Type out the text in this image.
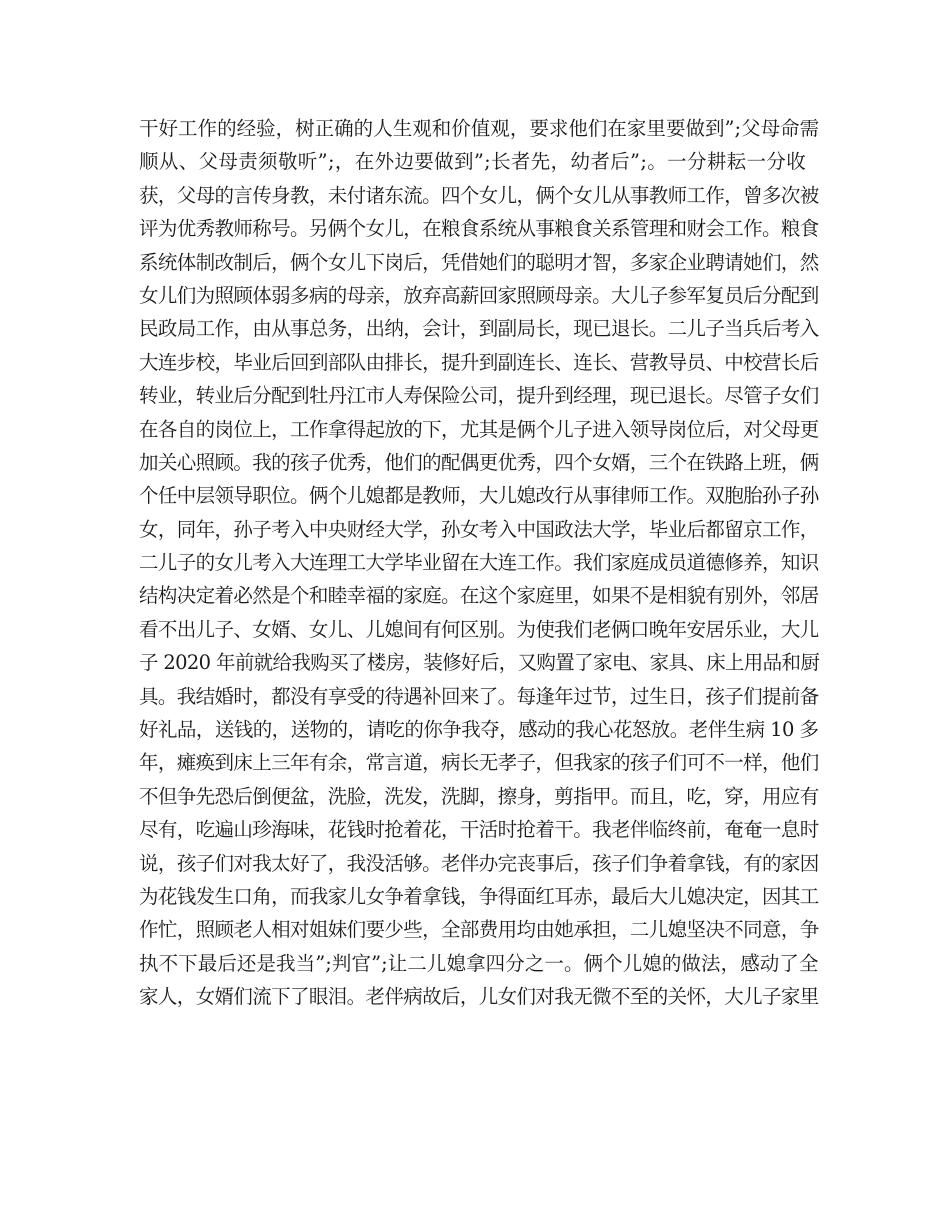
干好工作的经验，树正确的人生观和价值观，要求他们在家里要做到”;父母命需
顺从、父母责须敬听”;，在外边要做到”;长者先，幼者后”;。一分耕耘一分收
获，父母的言传身教，未付诸东流。四个女儿，俩个女儿从事教师工作，曾多次被
评为优秀教师称号。另俩个女儿，在粮食系统从事粮食关系管理和财会工作。粮食
系统体制改制后，俩个女儿下岗后，凭借她们的聪明才智，多家企业聘请她们，然
女儿们为照顾体弱多病的母亲，放弃高薪回家照顾母亲。大儿子参军复员后分配到
民政局工作，由从事总务，出纳，会计，到副局长，现已退长。二儿子当兵后考入
大连步校，毕业后回到部队由排长，提升到副连长、连长、营教导员、中校营长后
转业，转业后分配到牡丹江市人寿保险公司，提升到经理，现已退长。尽管子女们
在各自的岗位上，工作拿得起放的下，尤其是俩个儿子进入领导岗位后，对父母更
加关心照顾。我的孩子优秀，他们的配偶更优秀，四个女婿，三个在铁路上班，俩
个任中层领导职位。俩个儿媳都是教师，大儿媳改行从事律师工作。双胞胎孙子孙
女，同年，孙子考入中央财经大学，孙女考入中国政法大学，毕业后都留京工作，
二儿子的女儿考入大连理工大学毕业留在大连工作。我们家庭成员道德修养，知识
结构决定着必然是个和睦幸福的家庭。在这个家庭里，如果不是相貌有别外，邻居
看不出儿子、女婿、女儿、儿媳间有何区别。为使我们老俩口晚年安居乐业，大儿
子 2020 年前就给我购买了楼房，装修好后，又购置了家电、家具、床上用品和厨
具。我结婚时，都没有享受的待遇补回来了。每逢年过节，过生日，孩子们提前备
好礼品，送钱的，送物的，请吃的你争我夺，感动的我心花怒放。老伴生病 10 多
年，瘫痪到床上三年有余，常言道，病长无孝子，但我家的孩子们可不一样，他们
不但争先恐后倒便盆，洗脸，洗发，洗脚，擦身，剪指甲。而且，吃，穿，用应有
尽有，吃遍山珍海味，花钱时抢着花，干活时抢着干。我老伴临终前，奄奄一息时
说，孩子们对我太好了，我没活够。老伴办完丧事后，孩子们争着拿钱，有的家因
为花钱发生口角，而我家儿女争着拿钱，争得面红耳赤，最后大儿媳决定，因其工
作忙，照顾老人相对姐妹们要少些，全部费用均由她承担，二儿媳坚决不同意，争
执不下最后还是我当”;判官”;让二儿媳拿四分之一。俩个儿媳的做法，感动了全
家人，女婿们流下了眼泪。老伴病故后，儿女们对我无微不至的关怀，大儿子家里
